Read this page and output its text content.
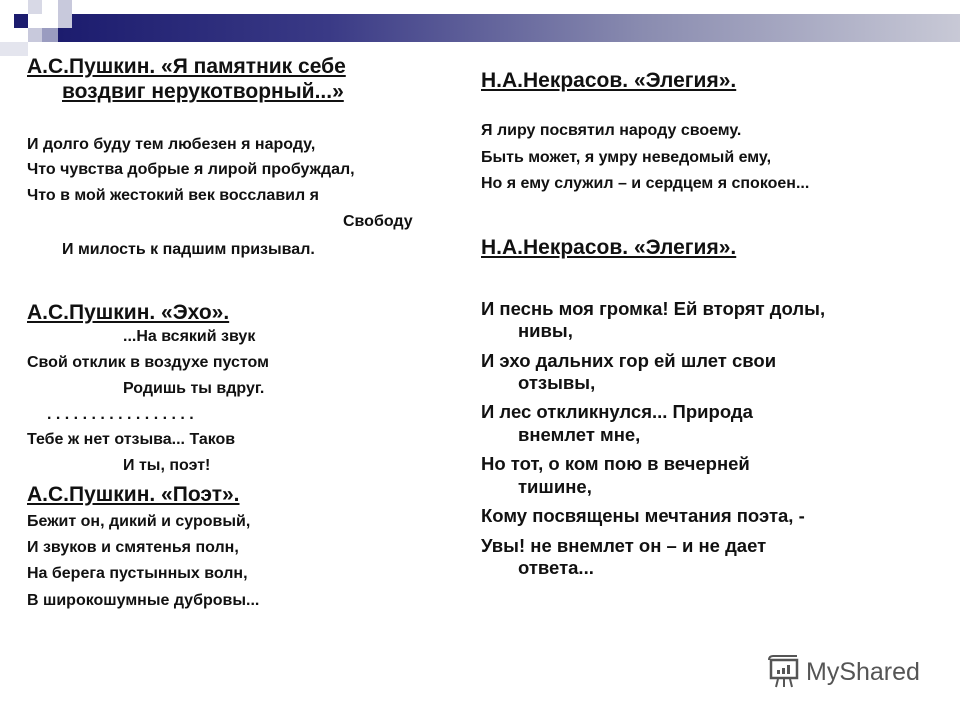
А.С.Пушкин. «Я памятник себе
воздвиг нерукотворный...»
И долго буду тем любезен я народу,
Что чувства добрые я лирой пробуждал,
Что в мой жестокий век восславил я
Свободу
И милость к падшим призывал.
А.С.Пушкин. «Эхо».
...На всякий звук
Свой отклик в воздухе пустом
Родишь ты вдруг.
. . . . . . . . . . . . . . . . .
Тебе ж нет отзыва... Таков
И ты, поэт!
А.С.Пушкин. «Поэт».
Бежит он, дикий и суровый,
И звуков и смятенья полн,
На берега пустынных волн,
В широкошумные дубровы...
Н.А.Некрасов. «Элегия».
Я лиру посвятил народу своему.
Быть может, я умру неведомый ему,
Но я ему служил – и сердцем я спокоен...
Н.А.Некрасов. «Элегия».
И песнь моя громка! Ей вторят долы,
нивы,
И эхо дальних гор ей шлет свои
отзывы,
И лес откликнулся... Природа
внемлет мне,
Но тот, о ком пою в вечерней
тишине,
Кому посвящены мечтания поэта, -
Увы! не внемлет он – и не дает
ответа...
MyShared
